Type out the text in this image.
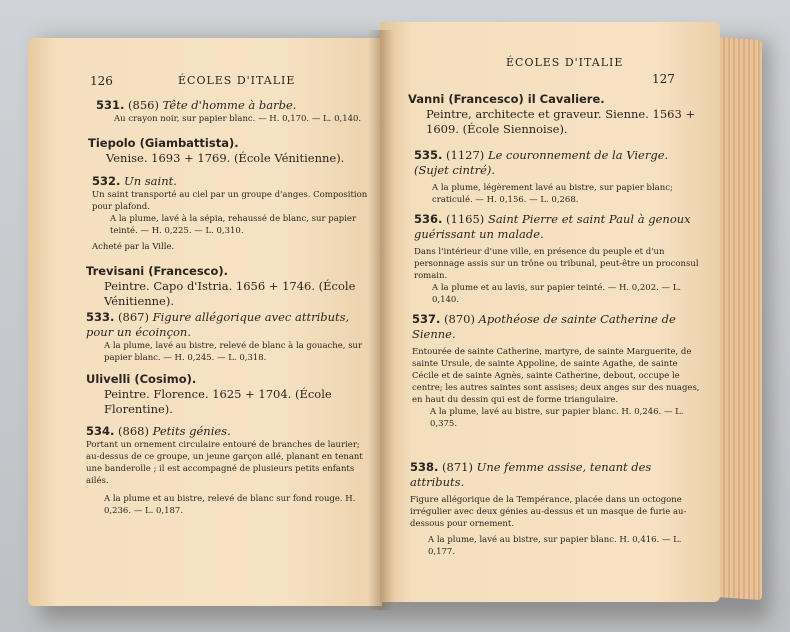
126	ÉCOLES D'ITALIE
531. (856) Tête d'homme à barbe.
Au crayon noir, sur papier blanc. — H. 0,170. — L. 0,140.
Tiepolo (Giambattista).
Venise. 1693 + 1769. (École Vénitienne).
532. Un saint.
Un saint transporté au ciel par un groupe d'anges. Composition pour plafond.
A la plume, lavé à la sépia, rehaussé de blanc, sur papier teinté. — H. 0,225. — L. 0,310.
Acheté par la Ville.
Trevisani (Francesco).
Peintre. Capo d'Istria. 1656 + 1746. (École Vénitienne).
533. (867) Figure allégorique avec attributs, pour un écoinçon.
A la plume, lavé au bistre, relevé de blanc à la gouache, sur papier blanc. — H. 0,245. — L. 0,318.
Ulivelli (Cosimo).
Peintre. Florence. 1625 + 1704. (École Florentine).
534. (868) Petits génies.
Portant un ornement circulaire entouré de branches de laurier; au-dessus de ce groupe, un jeune garçon ailé, planant en tenant une banderolle ; il est accompagné de plusieurs petits enfants ailés.
A la plume et au bistre, relevé de blanc sur fond rouge. H. 0,236. — L. 0,187.
ÉCOLES D'ITALIE
127
Vanni (Francesco) il Cavaliere.
Peintre, architecte et graveur. Sienne. 1563 + 1609. (École Siennoise).
535. (1127) Le couronnement de la Vierge. (Sujet cintré).
A la plume, légèrement lavé au bistre, sur papier blanc; craticulé. — H. 0,156. — L. 0,268.
536. (1165) Saint Pierre et saint Paul à genoux guérissant un malade.
Dans l'intérieur d'une ville, en présence du peuple et d'un personnage assis sur un trône ou tribunal, peut-être un proconsul romain.
A la plume et au lavis, sur papier teinté. — H. 0,202. — L. 0,140.
537. (870) Apothéose de sainte Catherine de Sienne.
Entourée de sainte Catherine, martyre, de sainte Marguerite, de sainte Ursule, de sainte Appoline, de sainte Agathe, de sainte Cécile et de sainte Agnès, sainte Catherine, debout, occupe le centre; les autres saintes sont assises; deux anges sur des nuages, en haut du dessin qui est de forme triangulaire.
A la plume, lavé au bistre, sur papier blanc. H. 0,246. — L. 0,375.
538. (871) Une femme assise, tenant des attributs.
Figure allégorique de la Tempérance, placée dans un octogone irrégulier avec deux génies au-dessus et un masque de furie au-dessous pour ornement.
A la plume, lavé au bistre, sur papier blanc. H. 0,416. — L. 0,177.
